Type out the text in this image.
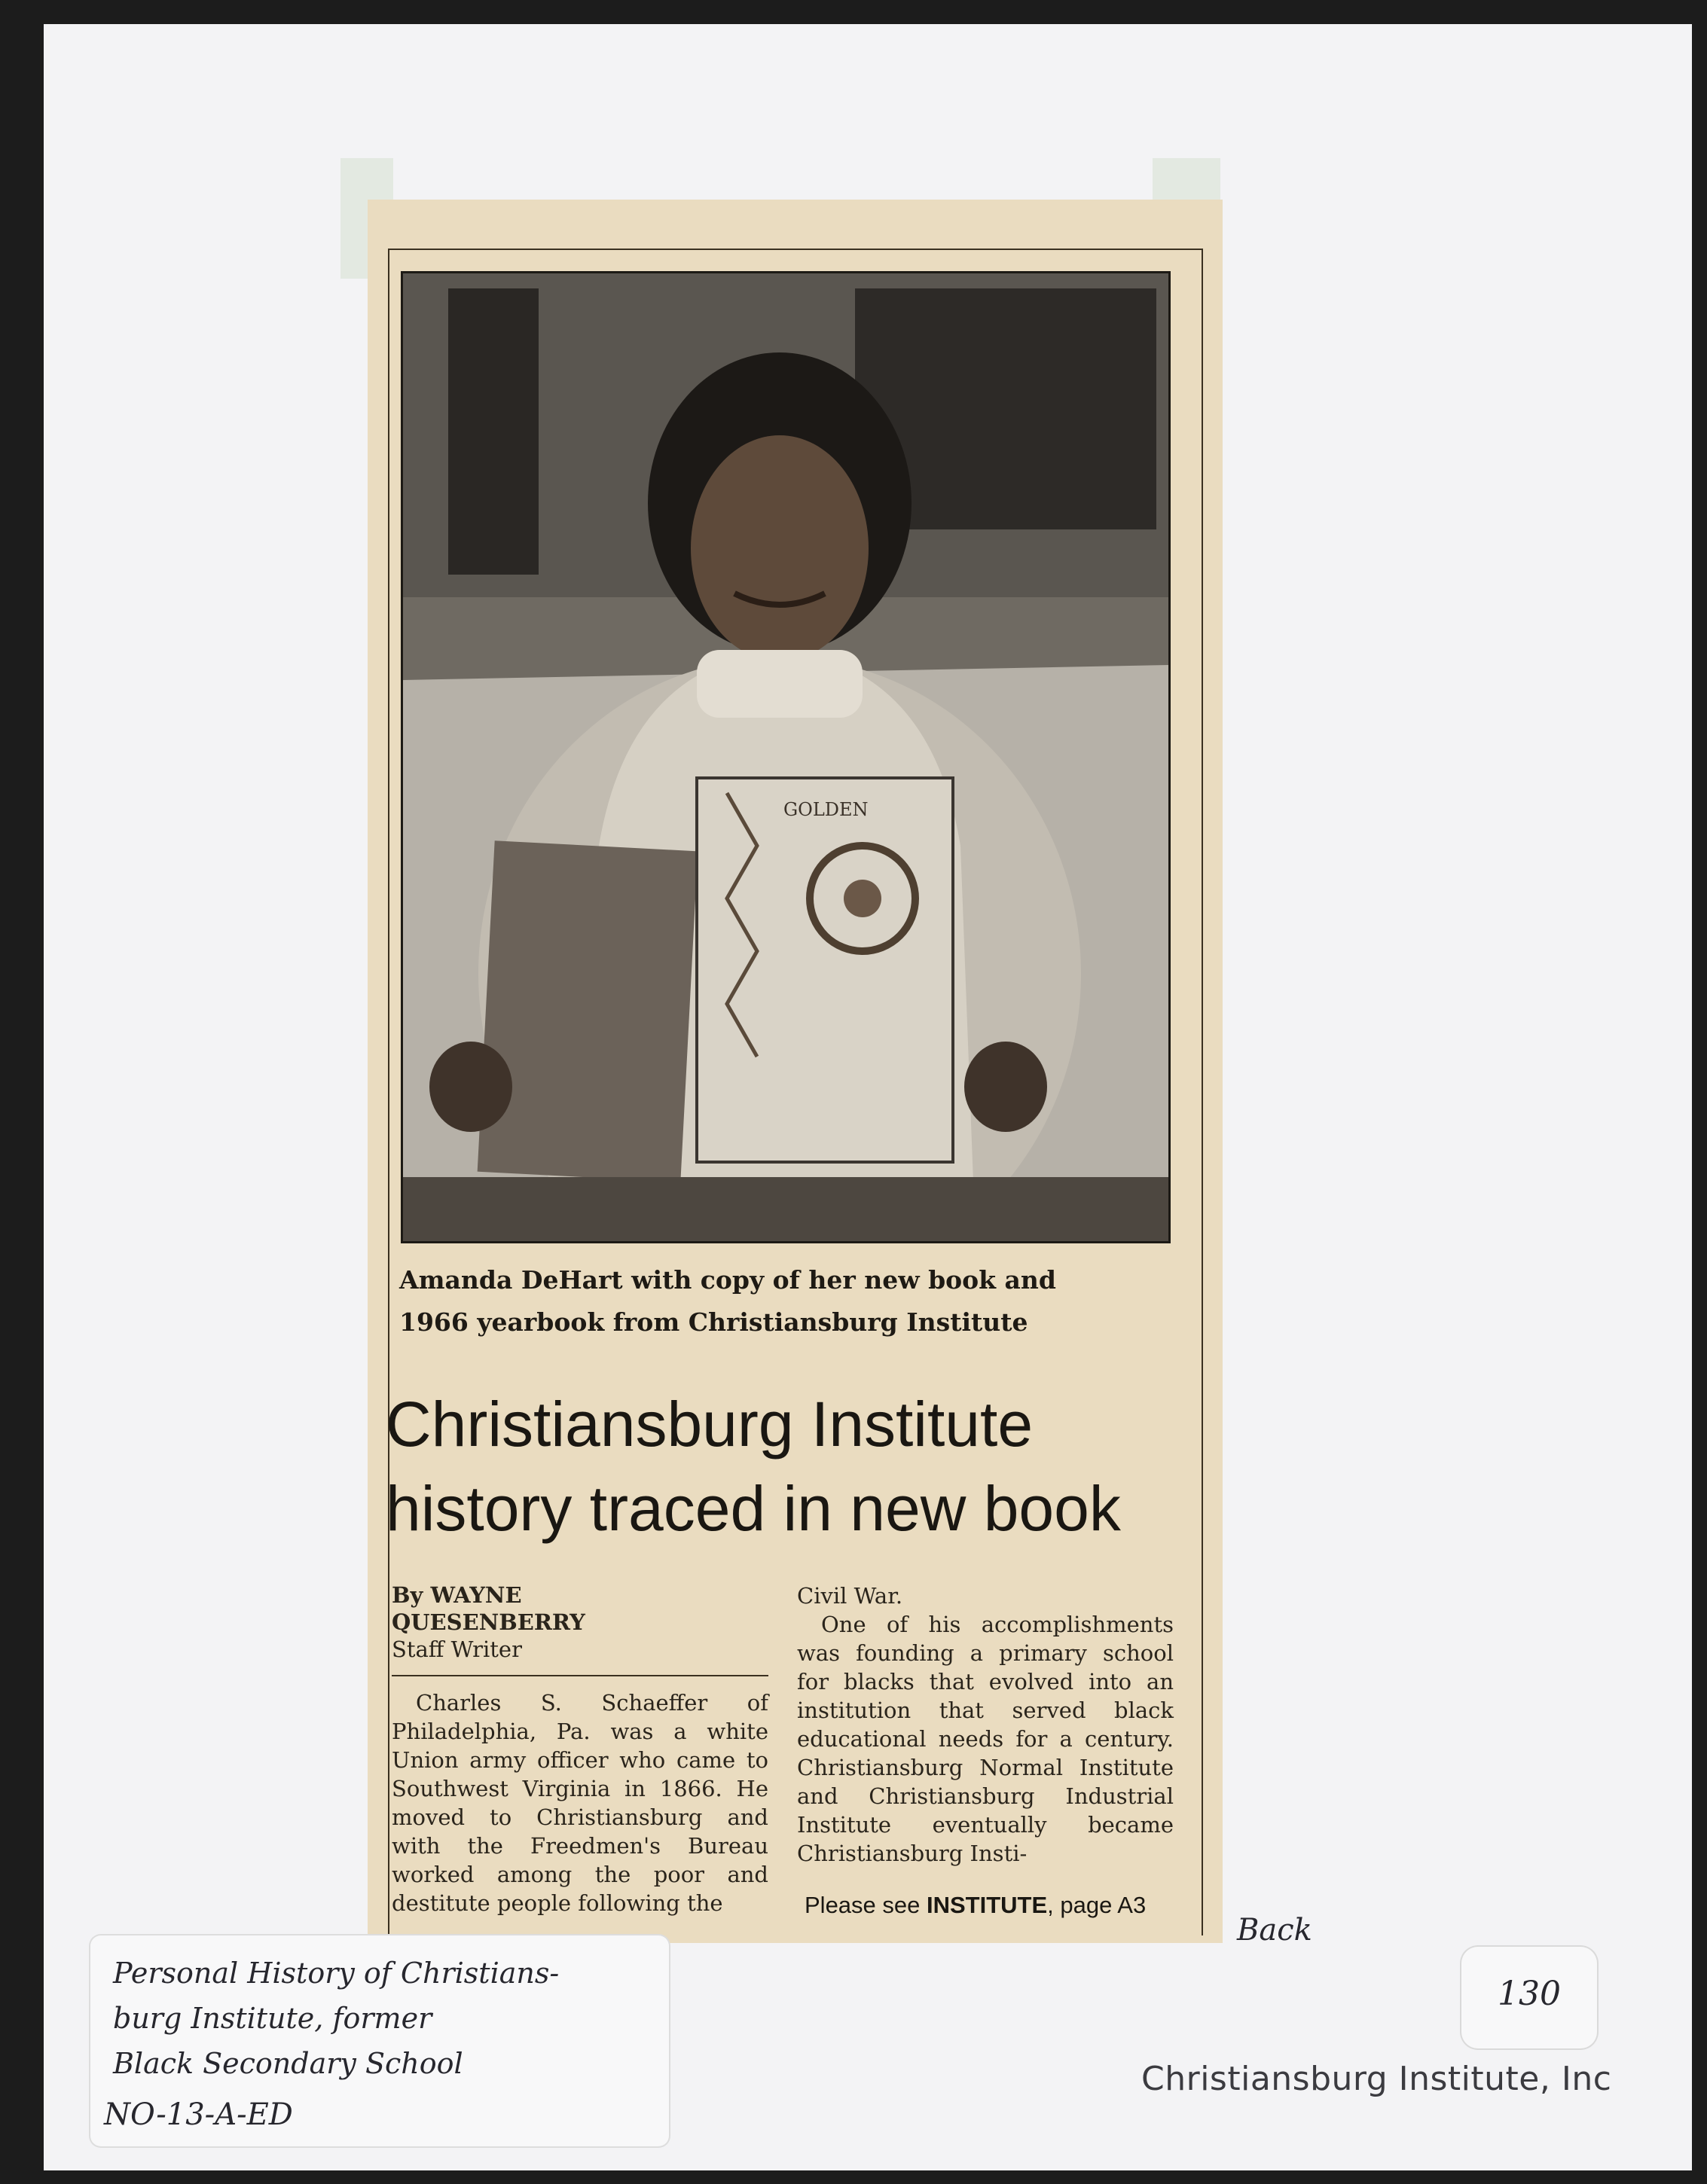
GOLDEN
Amanda DeHart with copy of her new book and
1966 yearbook from Christiansburg Institute
Christiansburg Institute
history traced in new book
By WAYNE
QUESENBERRY
Staff Writer

Charles S. Schaeffer of Philadelphia, Pa. was a white Union army officer who came to Southwest Virginia in 1866. He moved to Christiansburg and with the Freedmen's Bureau worked among the poor and destitute people following the

Civil War.

One of his accomplishments was founding a primary school for blacks that evolved into an institution that served black educational needs for a century. Christiansburg Normal Institute and Christiansburg Industrial Institute eventually became Christiansburg Insti-

Please see INSTITUTE, page A3
Back
Personal History of Christians-
burg Institute, former
Black Secondary School
NO-13-A-ED
130
Christiansburg Institute, Inc
